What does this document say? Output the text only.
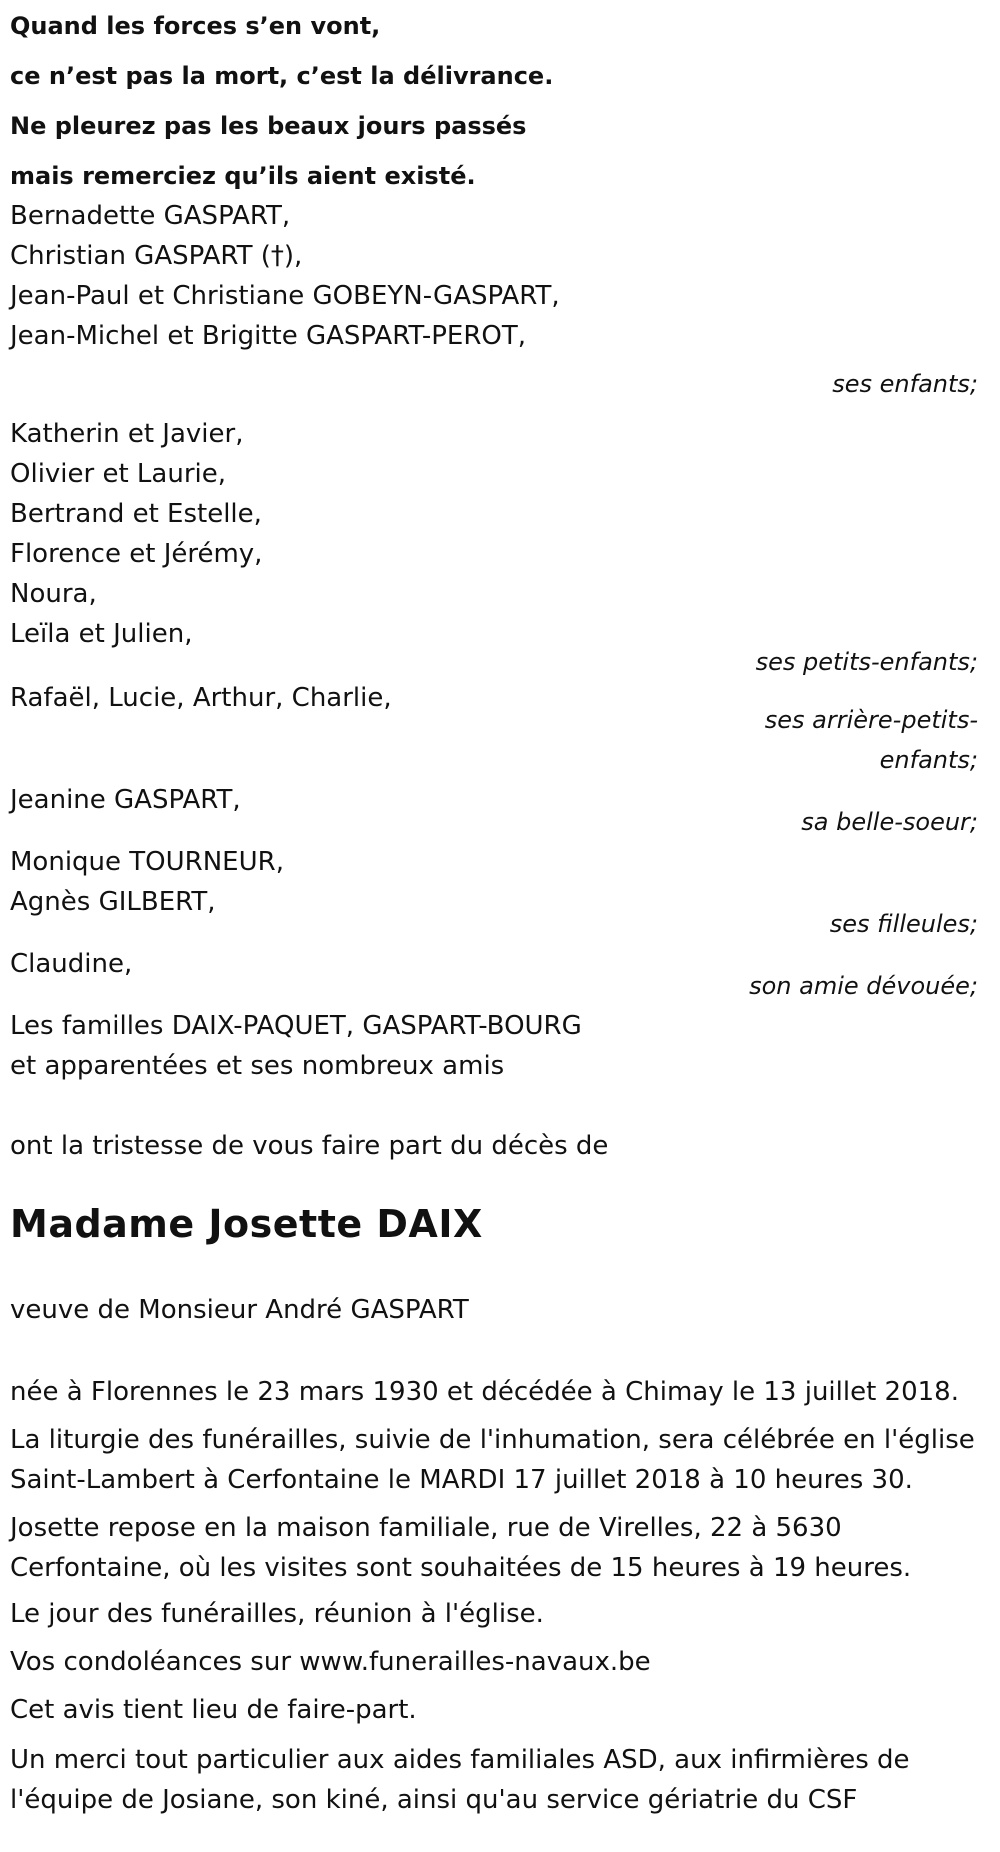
Quand les forces s’en vont,
ce n’est pas la mort, c’est la délivrance.
Ne pleurez pas les beaux jours passés
mais remerciez qu’ils aient existé.
Bernadette GASPART,
Christian GASPART (†),
Jean-Paul et Christiane GOBEYN-GASPART,
Jean-Michel et Brigitte GASPART-PEROT,
ses enfants;
Katherin et Javier,
Olivier et Laurie,
Bertrand et Estelle,
Florence et Jérémy,
Noura,
Leïla et Julien,
ses petits-enfants;
Rafaël, Lucie, Arthur, Charlie,
ses arrière-petits-enfants;
Jeanine GASPART,
sa belle-soeur;
Monique TOURNEUR,
Agnès GILBERT,
ses filleules;
Claudine,
son amie dévouée;
Les familles DAIX-PAQUET, GASPART-BOURG
et apparentées et ses nombreux amis
ont la tristesse de vous faire part du décès de
Madame Josette DAIX
veuve de Monsieur André GASPART
née à Florennes le 23 mars 1930 et décédée à Chimay le 13 juillet 2018.
La liturgie des funérailles, suivie de l'inhumation, sera célébrée en l'église Saint-Lambert à Cerfontaine le MARDI 17 juillet 2018 à 10 heures 30.
Josette repose en la maison familiale, rue de Virelles, 22 à 5630 Cerfontaine, où les visites sont souhaitées de 15 heures à 19 heures.
Le jour des funérailles, réunion à l'église.
Vos condoléances sur www.funerailles-navaux.be
Cet avis tient lieu de faire-part.
Un merci tout particulier aux aides familiales ASD, aux infirmières de l'équipe de Josiane, son kiné, ainsi qu'au service gériatrie du CSF
